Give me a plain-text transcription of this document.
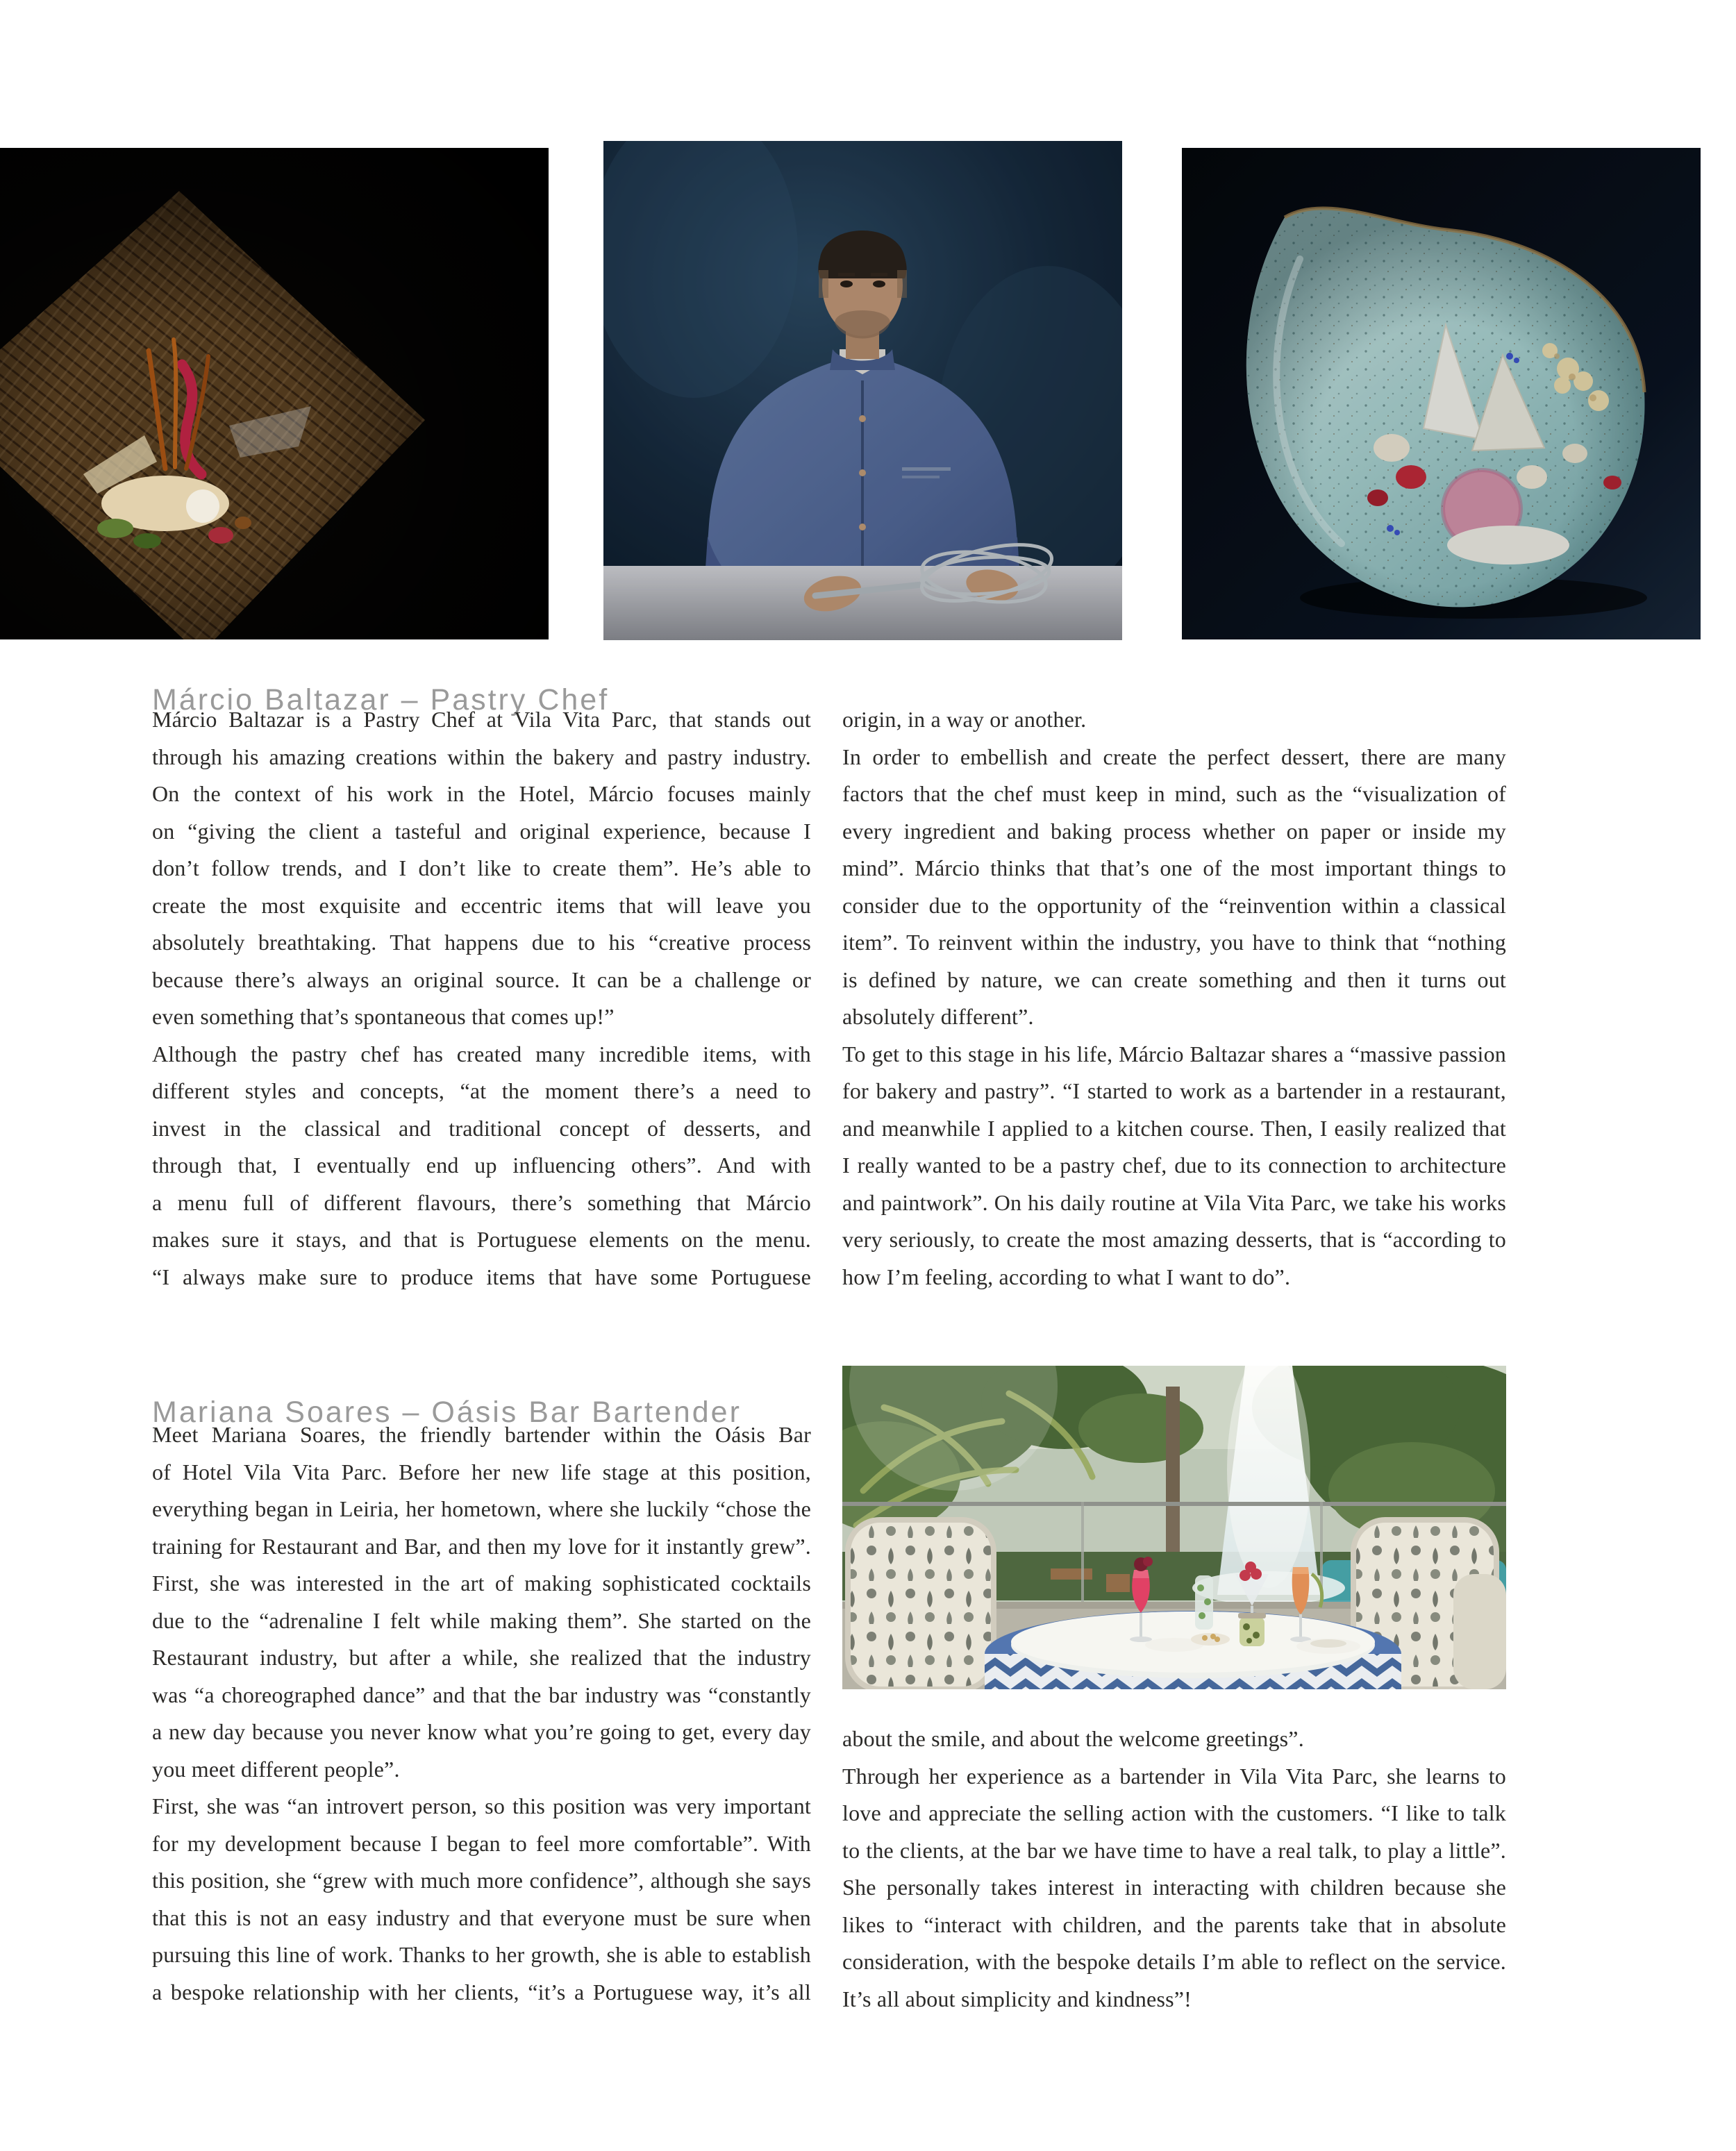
Márcio Baltazar – Pastry Chef
Márcio Baltazar is a Pastry Chef at Vila Vita Parc, that stands out
through his amazing creations within the bakery and pastry industry.
On the context of his work in the Hotel, Márcio focuses mainly
on “giving the client a tasteful and original experience, because I
don’t follow trends, and I don’t like to create them”. He’s able to
create the most exquisite and eccentric items that will leave you
absolutely breathtaking. That happens due to his “creative process
because there’s always an original source. It can be a challenge or
even something that’s spontaneous that comes up!”
Although the pastry chef has created many incredible items, with
different styles and concepts, “at the moment there’s a need to
invest in the classical and traditional concept of desserts, and
through that, I eventually end up influencing others”. And with
a menu full of different flavours, there’s something that Márcio
makes sure it stays, and that is Portuguese elements on the menu.
“I always make sure to produce items that have some Portuguese
origin, in a way or another.
In order to embellish and create the perfect dessert, there are many
factors that the chef must keep in mind, such as the “visualization of
every ingredient and baking process whether on paper or inside my
mind”. Márcio thinks that that’s one of the most important things to
consider due to the opportunity of the “reinvention within a classical
item”. To reinvent within the industry, you have to think that “nothing
is defined by nature, we can create something and then it turns out
absolutely different”.
To get to this stage in his life, Márcio Baltazar shares a “massive passion
for bakery and pastry”. “I started to work as a bartender in a restaurant,
and meanwhile I applied to a kitchen course. Then, I easily realized that
I really wanted to be a pastry chef, due to its connection to architecture
and paintwork”. On his daily routine at Vila Vita Parc, we take his works
very seriously, to create the most amazing desserts, that is “according to
how I’m feeling, according to what I want to do”.
Mariana Soares – Oásis Bar Bartender
Meet Mariana Soares, the friendly bartender within the Oásis Bar
of Hotel Vila Vita Parc. Before her new life stage at this position,
everything began in Leiria, her hometown, where she luckily “chose the
training for Restaurant and Bar, and then my love for it instantly grew”.
First, she was interested in the art of making sophisticated cocktails
due to the “adrenaline I felt while making them”. She started on the
Restaurant industry, but after a while, she realized that the industry
was “a choreographed dance” and that the bar industry was “constantly
a new day because you never know what you’re going to get, every day
you meet different people”.
First, she was “an introvert person, so this position was very important
for my development because I began to feel more comfortable”. With
this position, she “grew with much more confidence”, although she says
that this is not an easy industry and that everyone must be sure when
pursuing this line of work. Thanks to her growth, she is able to establish
a bespoke relationship with her clients, “it’s a Portuguese way, it’s all
about the smile, and about the welcome greetings”.
Through her experience as a bartender in Vila Vita Parc, she learns to
love and appreciate the selling action with the customers. “I like to talk
to the clients, at the bar we have time to have a real talk, to play a little”.
She personally takes interest in interacting with children because she
likes to “interact with children, and the parents take that in absolute
consideration, with the bespoke details I’m able to reflect on the service.
It’s all about simplicity and kindness”!
